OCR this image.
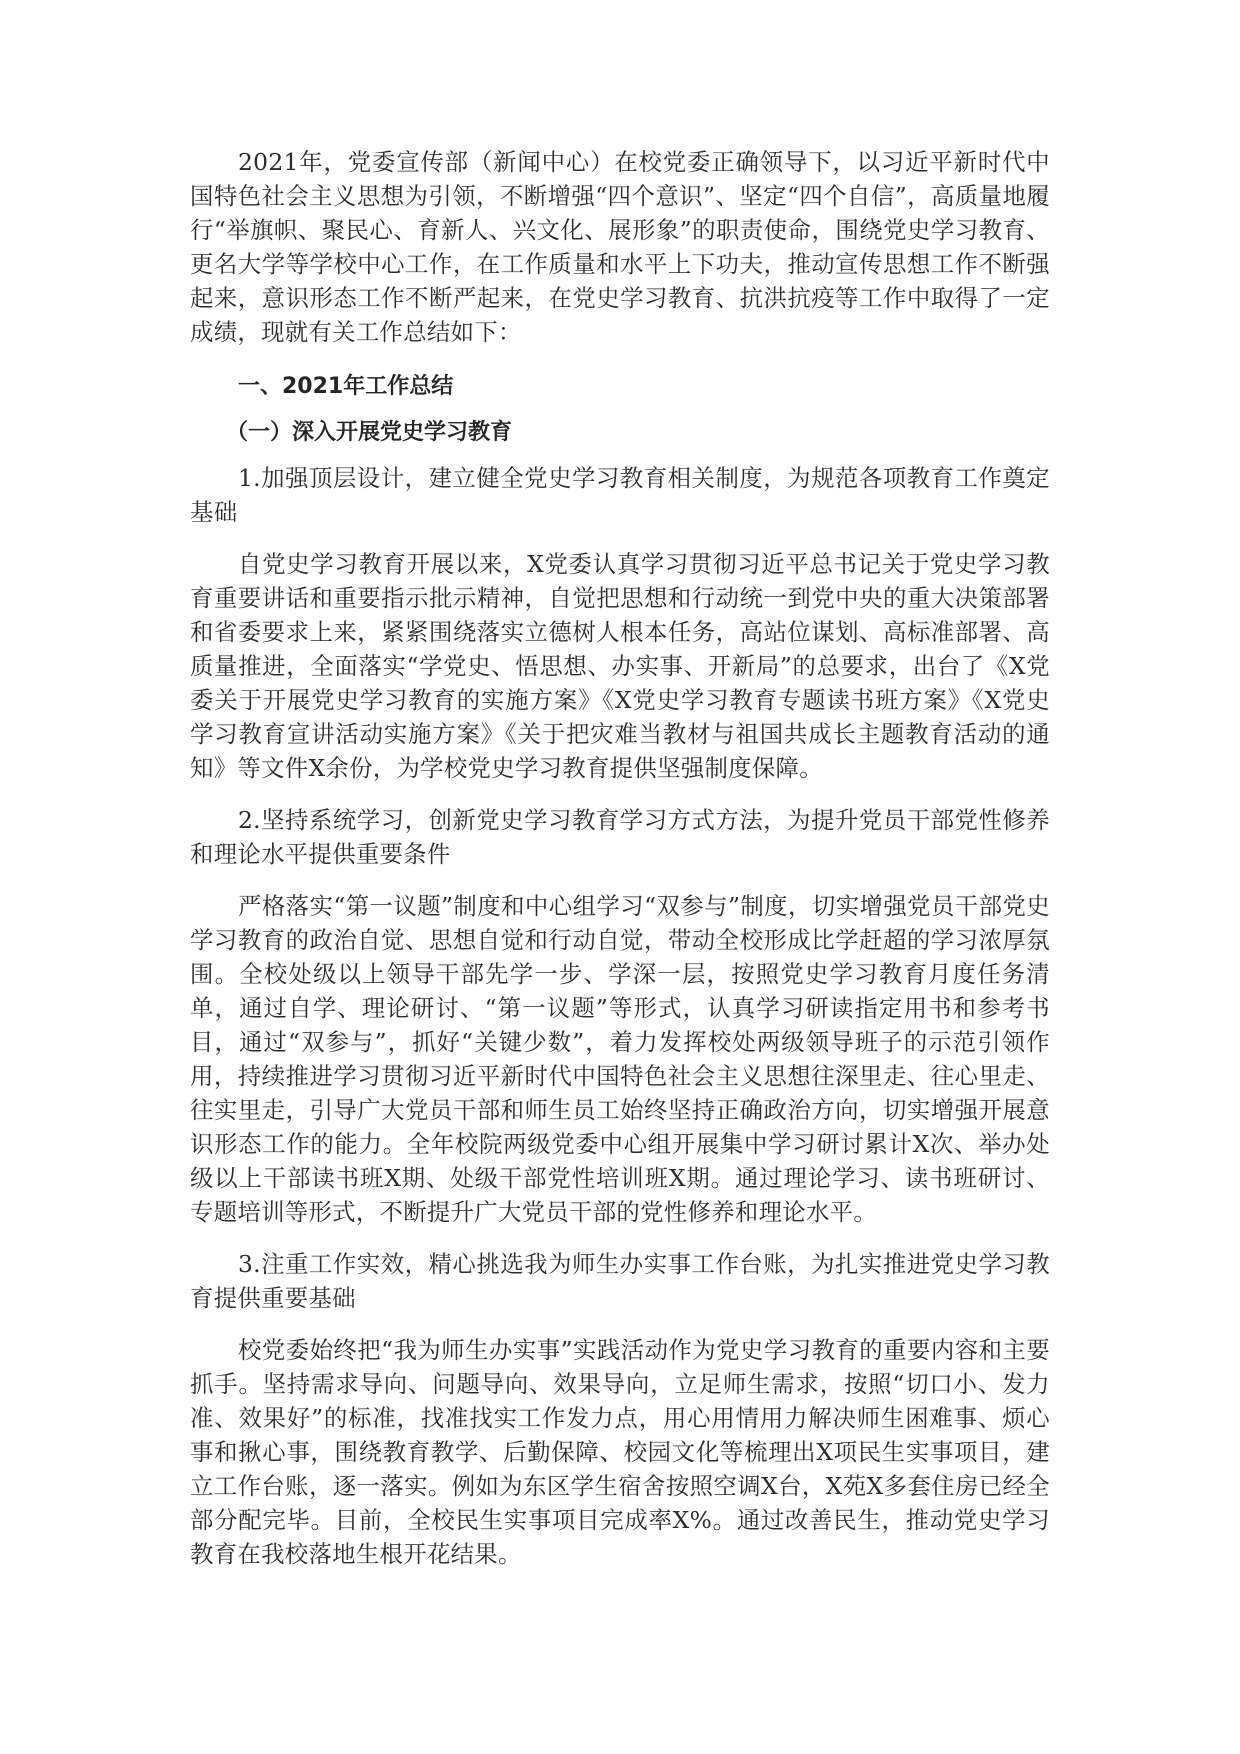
2021年，党委宣传部（新闻中心）在校党委正确领导下，以习近平新时代中国特色社会主义思想为引领，不断增强“四个意识”、坚定“四个自信”，高质量地履行“举旗帜、聚民心、育新人、兴文化、展形象”的职责使命，围绕党史学习教育、更名大学等学校中心工作，在工作质量和水平上下功夫，推动宣传思想工作不断强起来，意识形态工作不断严起来，在党史学习教育、抗洪抗疫等工作中取得了一定成绩，现就有关工作总结如下：

一、2021年工作总结
（一）深入开展党史学习教育

1.加强顶层设计，建立健全党史学习教育相关制度，为规范各项教育工作奠定基础

自党史学习教育开展以来，X党委认真学习贯彻习近平总书记关于党史学习教育重要讲话和重要指示批示精神，自觉把思想和行动统一到党中央的重大决策部署和省委要求上来，紧紧围绕落实立德树人根本任务，高站位谋划、高标准部署、高质量推进，全面落实“学党史、悟思想、办实事、开新局”的总要求，出台了《X党委关于开展党史学习教育的实施方案》《X党史学习教育专题读书班方案》《X党史学习教育宣讲活动实施方案》《关于把灾难当教材与祖国共成长主题教育活动的通知》等文件X余份，为学校党史学习教育提供坚强制度保障。

2.坚持系统学习，创新党史学习教育学习方式方法，为提升党员干部党性修养和理论水平提供重要条件

严格落实“第一议题”制度和中心组学习“双参与”制度，切实增强党员干部党史学习教育的政治自觉、思想自觉和行动自觉，带动全校形成比学赶超的学习浓厚氛围。全校处级以上领导干部先学一步、学深一层，按照党史学习教育月度任务清单，通过自学、理论研讨、“第一议题”等形式，认真学习研读指定用书和参考书目，通过“双参与”，抓好“关键少数”，着力发挥校处两级领导班子的示范引领作用，持续推进学习贯彻习近平新时代中国特色社会主义思想往深里走、往心里走、往实里走，引导广大党员干部和师生员工始终坚持正确政治方向，切实增强开展意识形态工作的能力。全年校院两级党委中心组开展集中学习研讨累计X次、举办处级以上干部读书班X期、处级干部党性培训班X期。通过理论学习、读书班研讨、专题培训等形式，不断提升广大党员干部的党性修养和理论水平。

3.注重工作实效，精心挑选我为师生办实事工作台账，为扎实推进党史学习教育提供重要基础

校党委始终把“我为师生办实事”实践活动作为党史学习教育的重要内容和主要抓手。坚持需求导向、问题导向、效果导向，立足师生需求，按照“切口小、发力准、效果好”的标准，找准找实工作发力点，用心用情用力解决师生困难事、烦心事和揪心事，围绕教育教学、后勤保障、校园文化等梳理出X项民生实事项目，建立工作台账，逐一落实。例如为东区学生宿舍按照空调X台，X苑X多套住房已经全部分配完毕。目前，全校民生实事项目完成率X%。通过改善民生，推动党史学习教育在我校落地生根开花结果。
